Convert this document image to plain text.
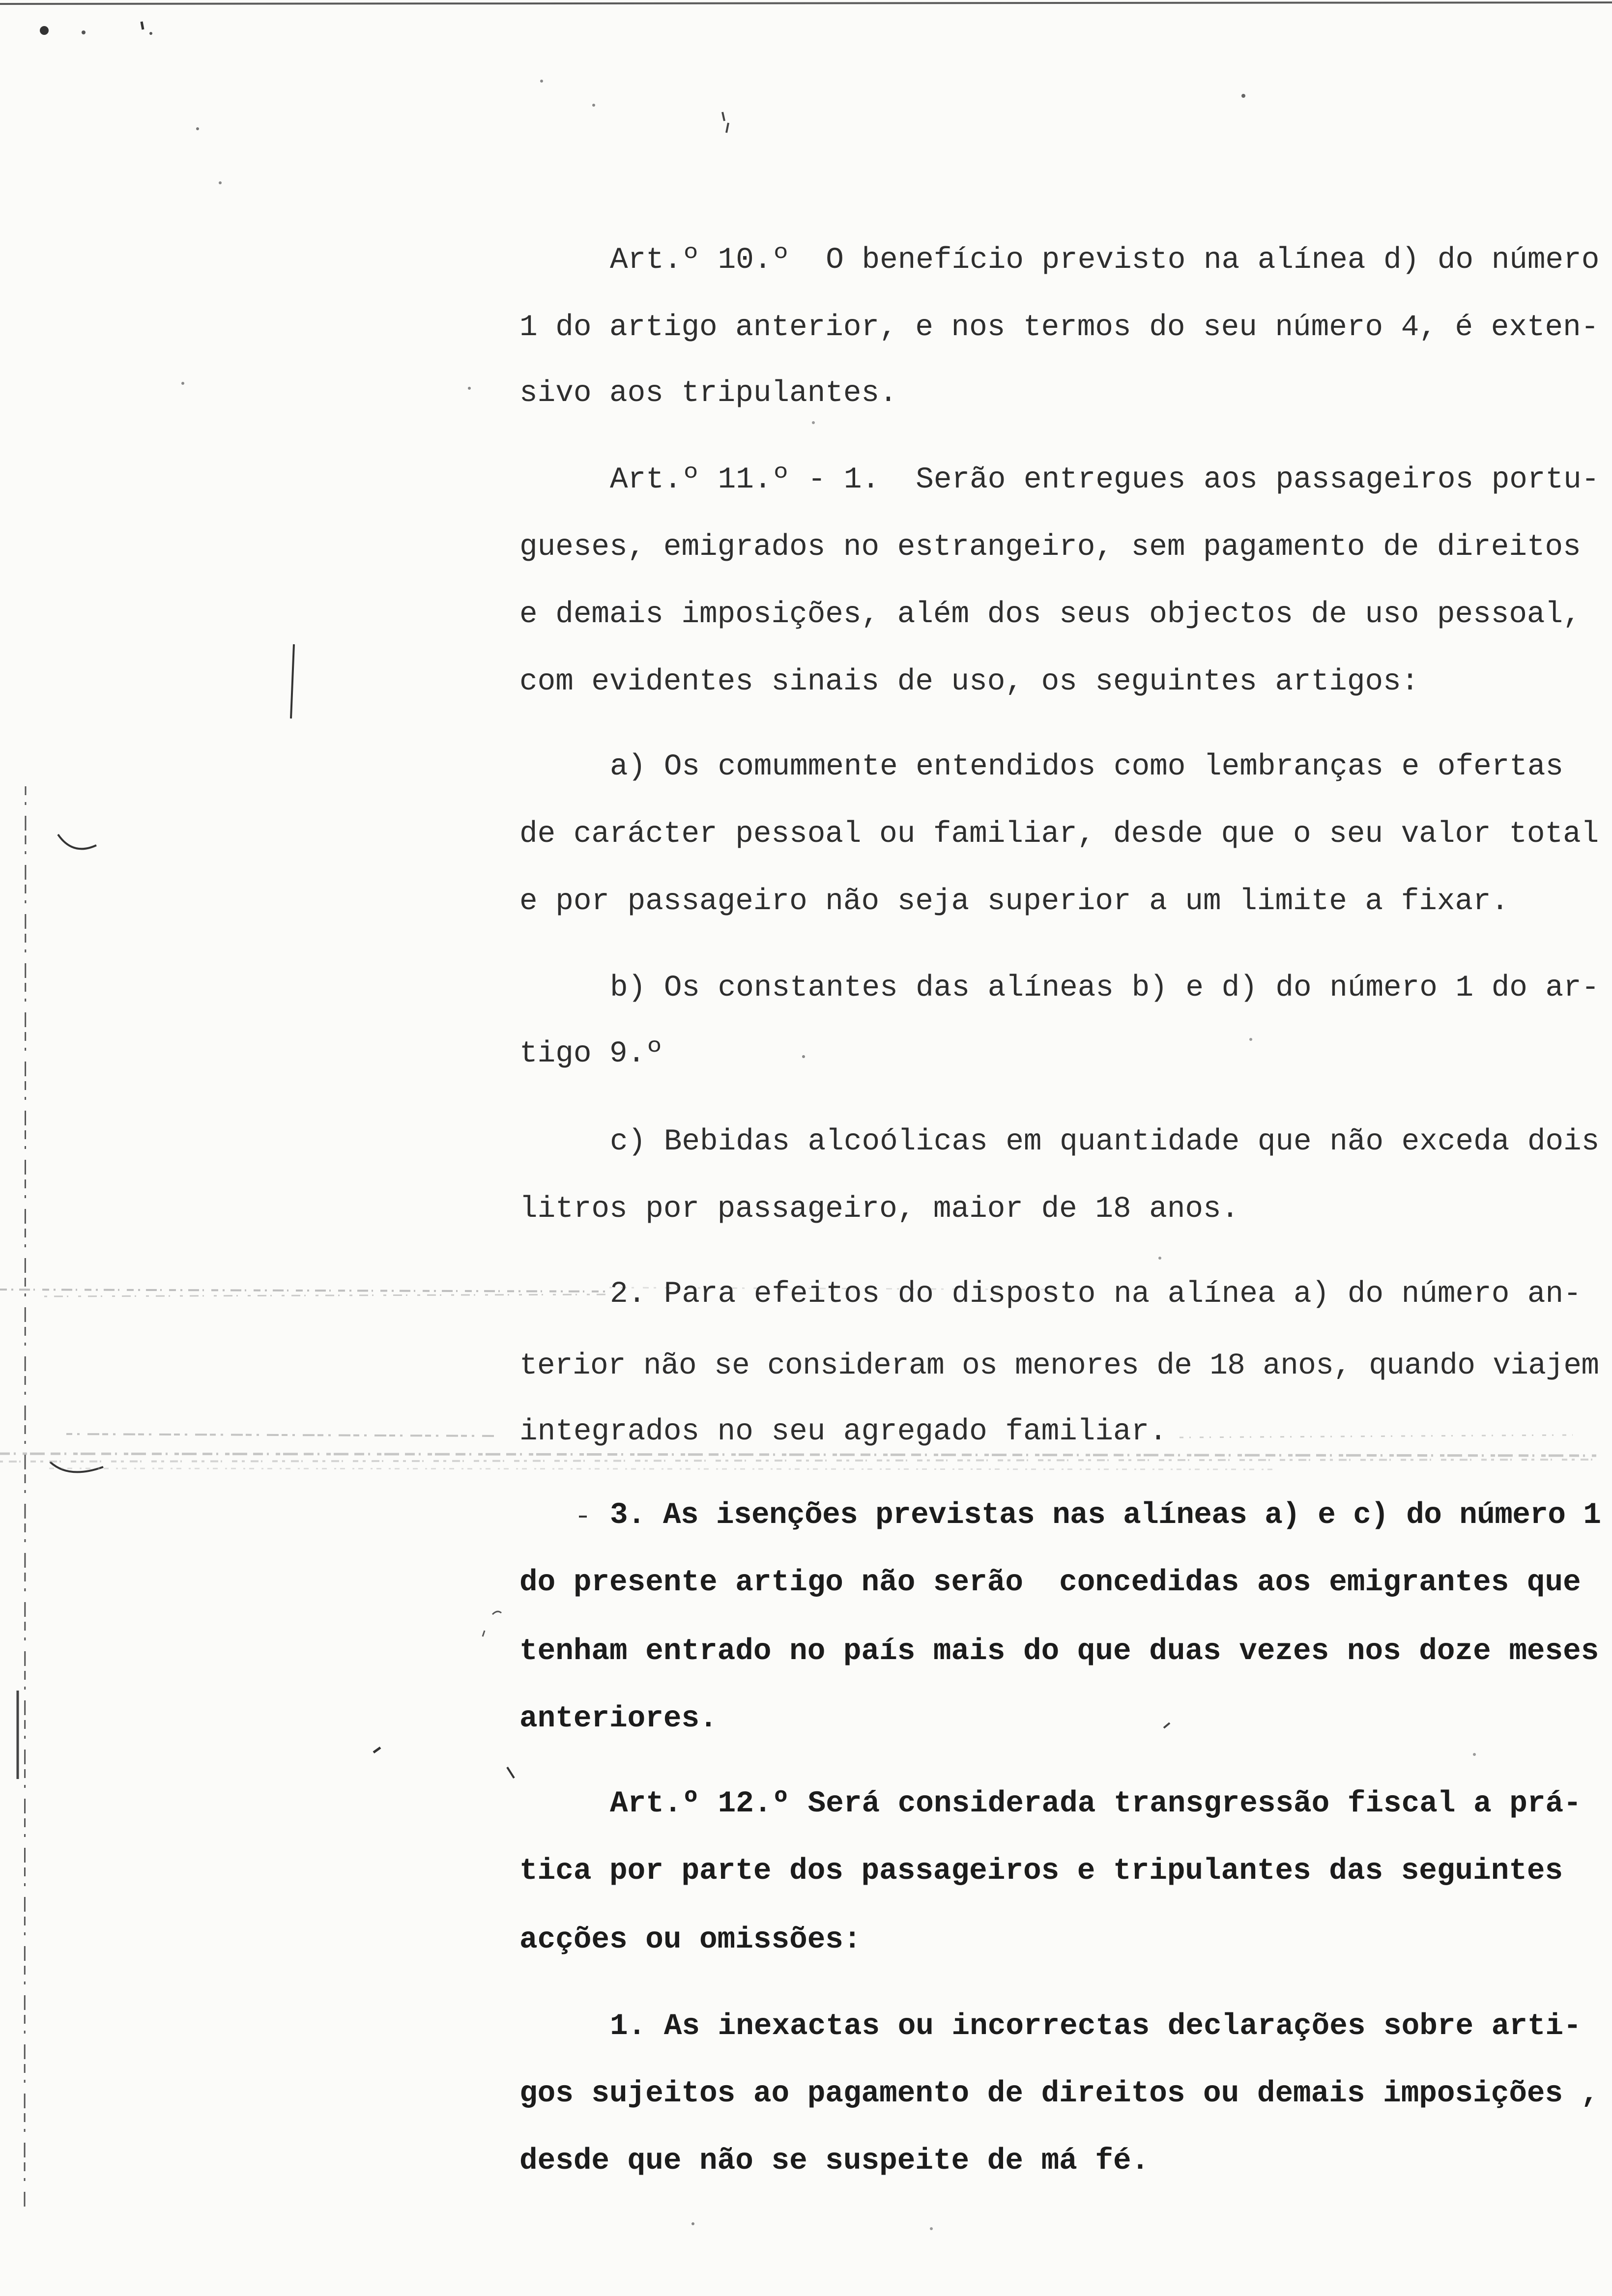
Art.º 10.º  O benefício previsto na alínea d) do número
1 do artigo anterior, e nos termos do seu número 4, é exten-
sivo aos tripulantes.
Art.º 11.º - 1.  Serão entregues aos passageiros portu-
gueses, emigrados no estrangeiro, sem pagamento de direitos
e demais imposições, além dos seus objectos de uso pessoal,
com evidentes sinais de uso, os seguintes artigos:
a) Os comummente entendidos como lembranças e ofertas
de carácter pessoal ou familiar, desde que o seu valor total
e por passageiro não seja superior a um limite a fixar.
b) Os constantes das alíneas b) e d) do número 1 do ar-
tigo 9.º
c) Bebidas alcoólicas em quantidade que não exceda dois
litros por passageiro, maior de 18 anos.
2. Para efeitos do disposto na alínea a) do número an-
terior não se consideram os menores de 18 anos, quando viajem
integrados no seu agregado familiar.
3. As isenções previstas nas alíneas a) e c) do número 1
do presente artigo não serão  concedidas aos emigrantes que
tenham entrado no país mais do que duas vezes nos doze meses
anteriores.
Art.º 12.º Será considerada transgressão fiscal a prá-
tica por parte dos passageiros e tripulantes das seguintes
acções ou omissões:
1. As inexactas ou incorrectas declarações sobre arti-
gos sujeitos ao pagamento de direitos ou demais imposições ,
desde que não se suspeite de má fé.
